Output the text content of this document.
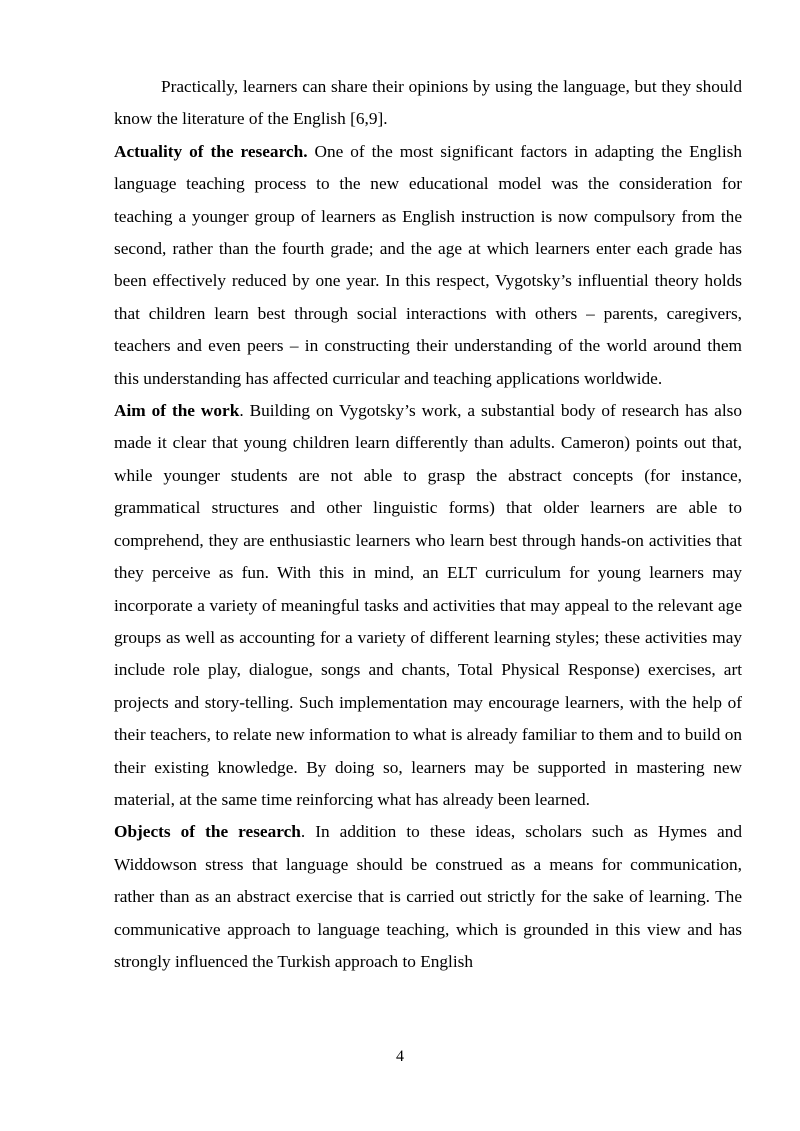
Practically, learners can share their opinions by using the language, but they should know the literature of the English [6,9].

Actuality of the research. One of the most significant factors in adapting the English language teaching process to the new educational model was the consideration for teaching a younger group of learners as English instruction is now compulsory from the second, rather than the fourth grade; and the age at which learners enter each grade has been effectively reduced by one year. In this respect, Vygotsky’s influential theory holds that children learn best through social interactions with others – parents, caregivers, teachers and even peers – in constructing their understanding of the world around them this understanding has affected curricular and teaching applications worldwide.

Aim of the work. Building on Vygotsky’s work, a substantial body of research has also made it clear that young children learn differently than adults. Cameron) points out that, while younger students are not able to grasp the abstract concepts (for instance, grammatical structures and other linguistic forms) that older learners are able to comprehend, they are enthusiastic learners who learn best through hands-on activities that they perceive as fun. With this in mind, an ELT curriculum for young learners may incorporate a variety of meaningful tasks and activities that may appeal to the relevant age groups as well as accounting for a variety of different learning styles; these activities may include role play, dialogue, songs and chants, Total Physical Response) exercises, art projects and story-telling. Such implementation may encourage learners, with the help of their teachers, to relate new information to what is already familiar to them and to build on their existing knowledge. By doing so, learners may be supported in mastering new material, at the same time reinforcing what has already been learned.

Objects of the research. In addition to these ideas, scholars such as Hymes and Widdowson stress that language should be construed as a means for communication, rather than as an abstract exercise that is carried out strictly for the sake of learning. The communicative approach to language teaching, which is grounded in this view and has strongly influenced the Turkish approach to English

4
